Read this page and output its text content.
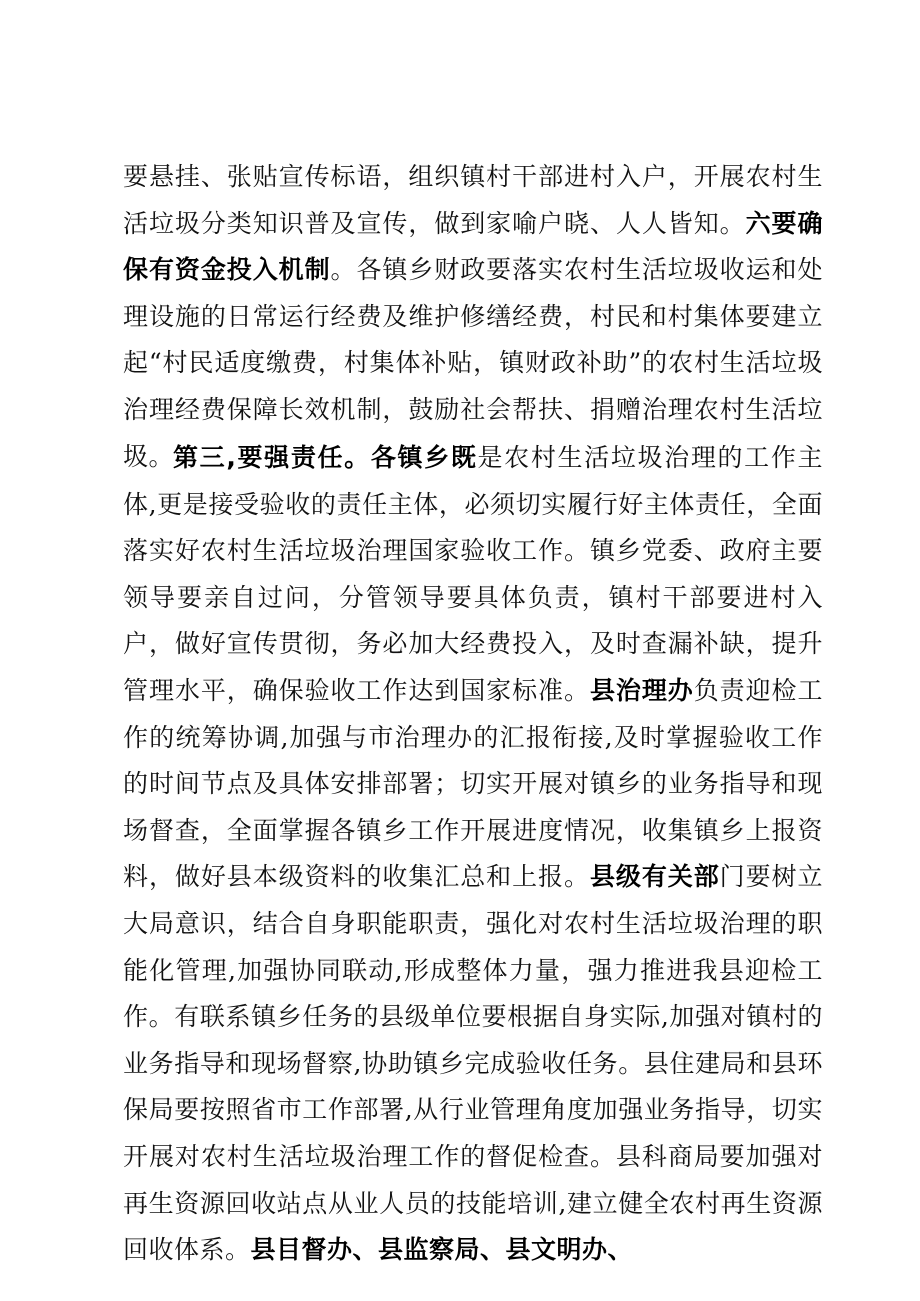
要悬挂、张贴宣传标语，组织镇村干部进村入户，开展农村生活垃圾分类知识普及宣传，做到家喻户晓、人人皆知。六要确保有资金投入机制。各镇乡财政要落实农村生活垃圾收运和处理设施的日常运行经费及维护修缮经费，村民和村集体要建立起“村民适度缴费，村集体补贴，镇财政补助”的农村生活垃圾治理经费保障长效机制，鼓励社会帮扶、捐赠治理农村生活垃圾。

第三,要强责任。各镇乡既是农村生活垃圾治理的工作主体,更是接受验收的责任主体，必须切实履行好主体责任，全面落实好农村生活垃圾治理国家验收工作。镇乡党委、政府主要领导要亲自过问，分管领导要具体负责，镇村干部要进村入户，做好宣传贯彻，务必加大经费投入，及时查漏补缺，提升管理水平，确保验收工作达到国家标准。县治理办负责迎检工作的统筹协调,加强与市治理办的汇报衔接,及时掌握验收工作的时间节点及具体安排部署；切实开展对镇乡的业务指导和现场督查，全面掌握各镇乡工作开展进度情况，收集镇乡上报资料，做好县本级资料的收集汇总和上报。县级有关部门要树立大局意识，结合自身职能职责，强化对农村生活垃圾治理的职能化管理,加强协同联动,形成整体力量，强力推进我县迎检工作。有联系镇乡任务的县级单位要根据自身实际,加强对镇村的业务指导和现场督察,协助镇乡完成验收任务。县住建局和县环保局要按照省市工作部署,从行业管理角度加强业务指导，切实开展对农村生活垃圾治理工作的督促检查。县科商局要加强对再生资源回收站点从业人员的技能培训,建立健全农村再生资源回收体系。县目督办、县监察局、县文明办、
